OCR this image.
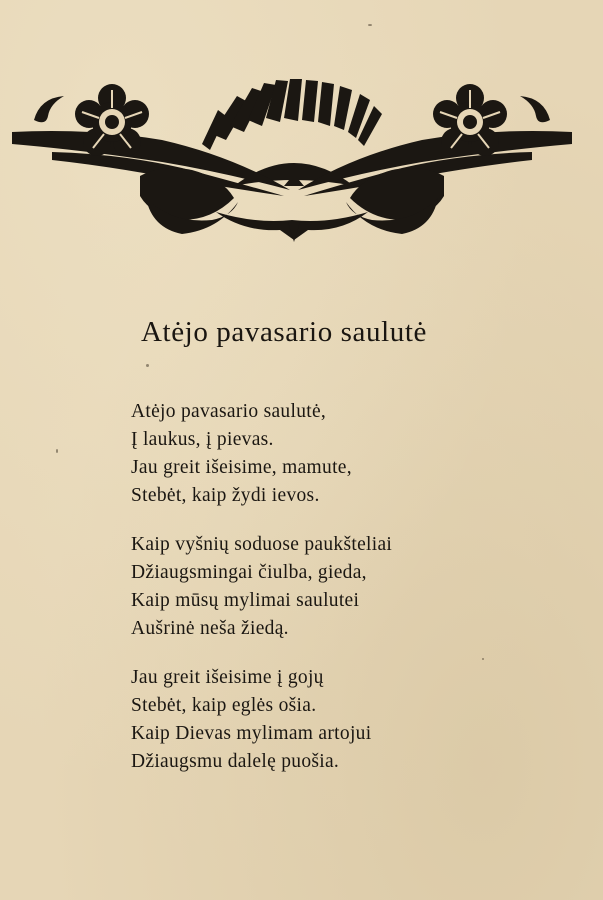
Atėjo pavasario saulutė
Atėjo pavasario saulutė,
Į laukus, į pievas.
Jau greit išeisime, mamute,
Stebėt, kaip žydi ievos.
Kaip vyšnių soduose paukšteliai
Džiaugsmingai čiulba, gieda,
Kaip mūsų mylimai saulutei
Aušrinė neša žiedą.
Jau greit išeisime į gojų
Stebėt, kaip eglės ošia.
Kaip Dievas mylimam artojui
Džiaugsmu dalelę puošia.
